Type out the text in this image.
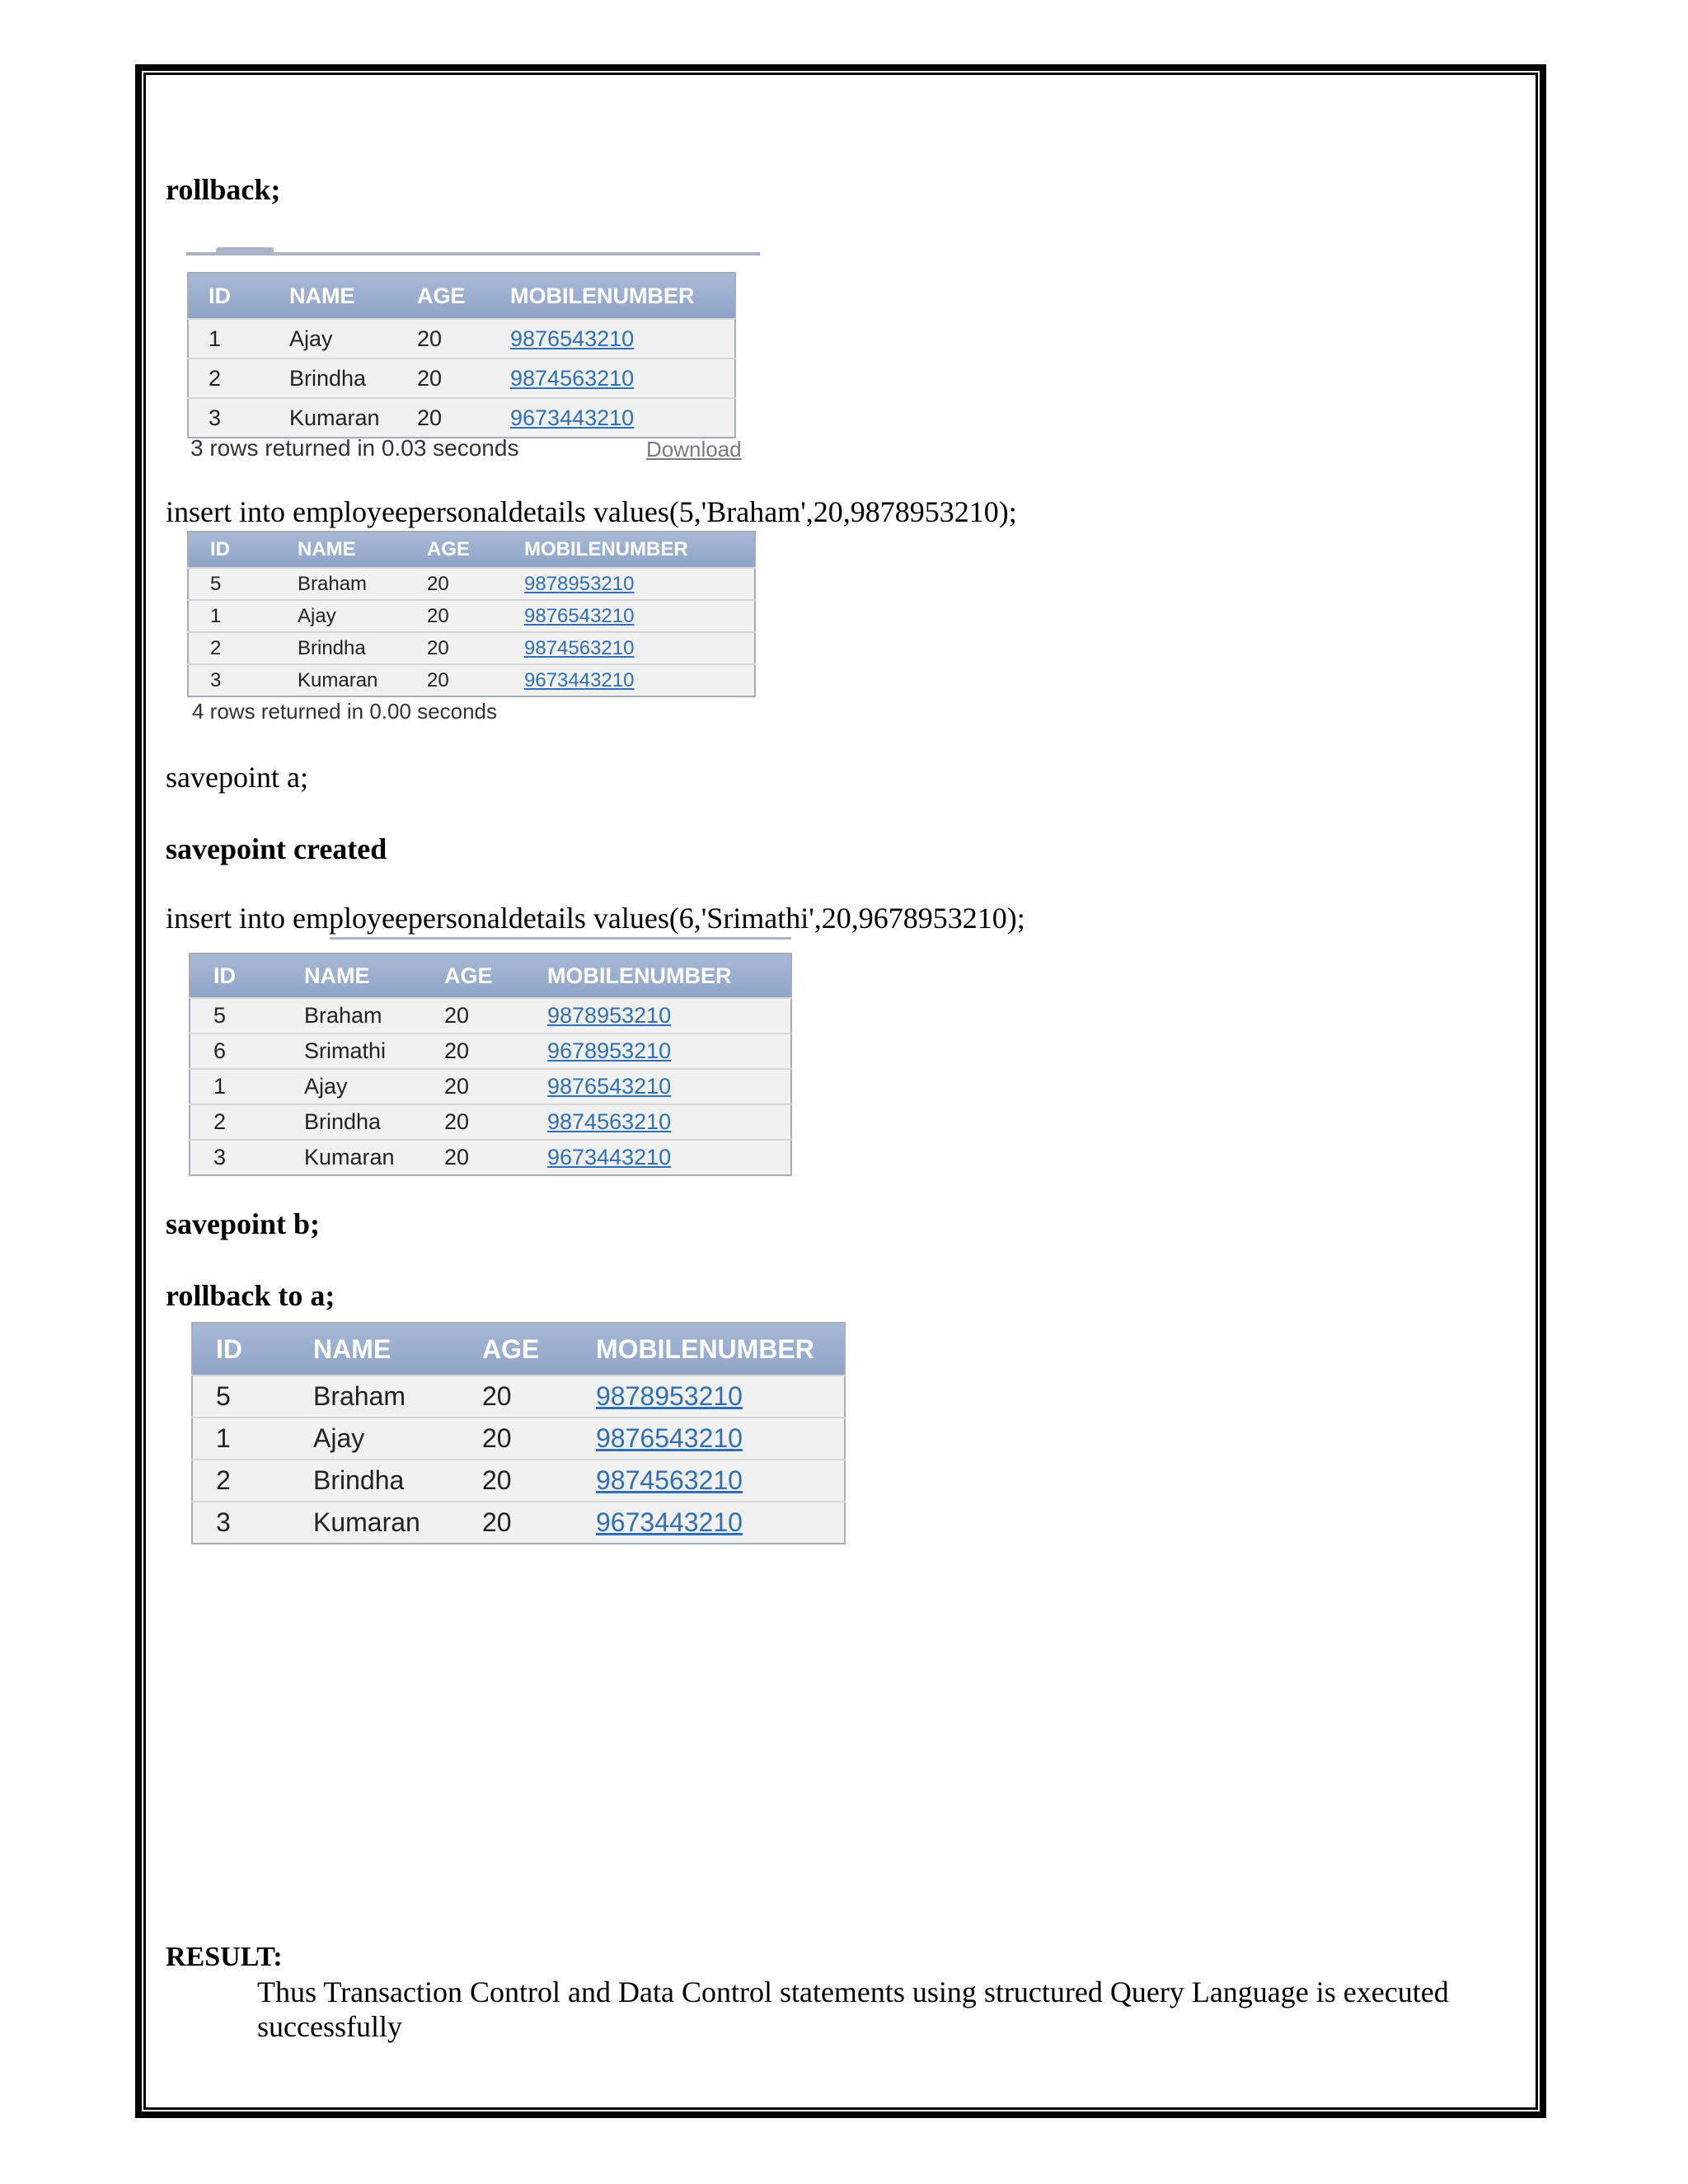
rollback;
ID	NAME	AGE	MOBILENUMBER
1	Ajay	20	9876543210
2	Brindha	20	9874563210
3	Kumaran	20	9673443210
3 rows returned in 0.03 seconds	Download
insert into employeepersonaldetails values(5,'Braham',20,9878953210);
ID	NAME	AGE	MOBILENUMBER
5	Braham	20	9878953210
1	Ajay	20	9876543210
2	Brindha	20	9874563210
3	Kumaran	20	9673443210
4 rows returned in 0.00 seconds
savepoint a;
savepoint created
insert into employeepersonaldetails values(6,'Srimathi',20,9678953210);
ID	NAME	AGE	MOBILENUMBER
5	Braham	20	9878953210
6	Srimathi	20	9678953210
1	Ajay	20	9876543210
2	Brindha	20	9874563210
3	Kumaran	20	9673443210
savepoint b;
rollback to a;
ID	NAME	AGE	MOBILENUMBER
5	Braham	20	9878953210
1	Ajay	20	9876543210
2	Brindha	20	9874563210
3	Kumaran	20	9673443210
RESULT:
Thus Transaction Control and Data Control statements using structured Query Language is executed successfully
